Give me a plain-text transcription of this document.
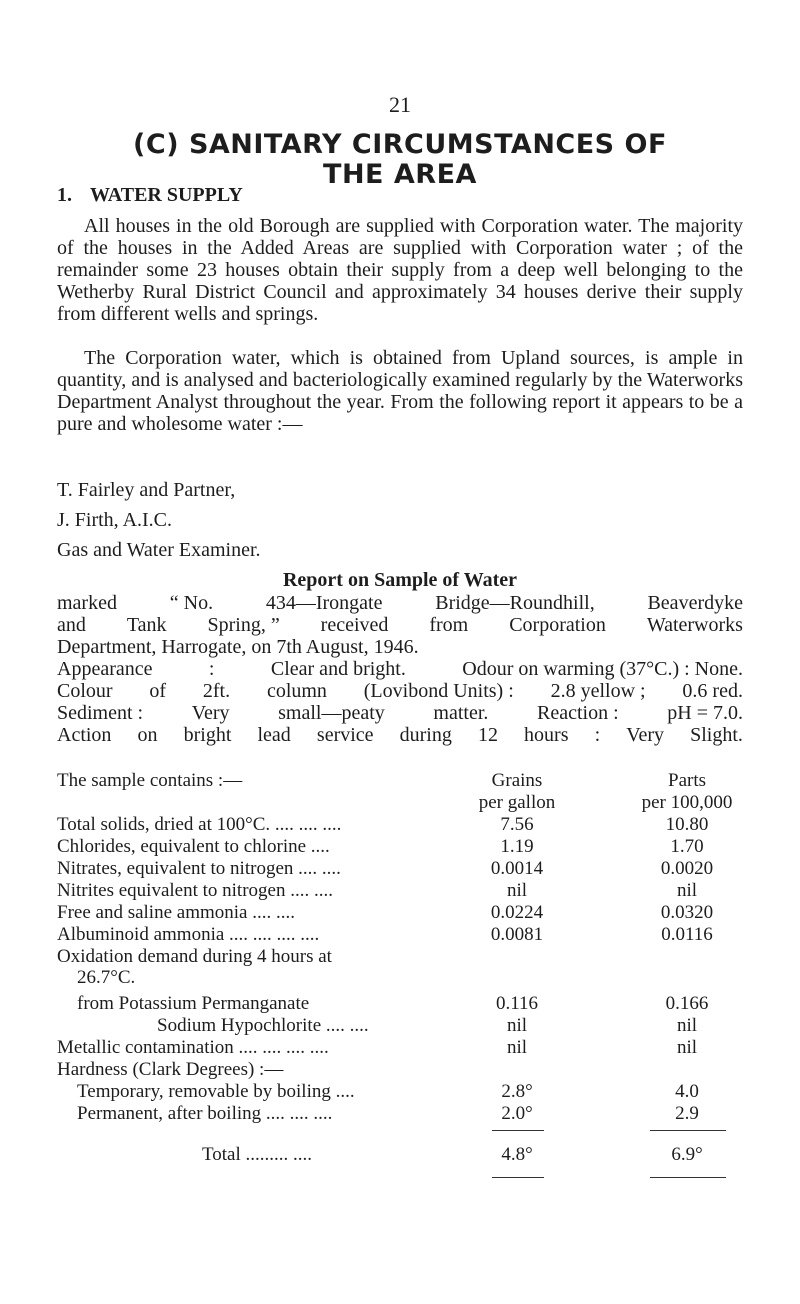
21
(C) SANITARY CIRCUMSTANCES OF THE AREA
1. WATER SUPPLY

All houses in the old Borough are supplied with Corporation water. The majority of the houses in the Added Areas are supplied with Corporation water ; of the remainder some 23 houses obtain their supply from a deep well belonging to the Wetherby Rural District Council and approximately 34 houses derive their supply from different wells and springs.

The Corporation water, which is obtained from Upland sources, is ample in quantity, and is analysed and bacteriologically examined regularly by the Waterworks Department Analyst throughout the year. From the following report it appears to be a pure and wholesome water :—

T. Fairley and Partner,

J. Firth, A.I.C.

Gas and Water Examiner.

Report on Sample of Water
marked	“ No.	434—Irongate	Bridge—Roundhill,	Beaverdyke
and Tank Spring, ” received from Corporation Waterworks

Department, Harrogate, on 7th August, 1946.

Appearance	:	Clear and bright.	Odour on warming (37°C.) : None.
Colour of 2ft. column (Lovibond Units) : 2.8 yellow ; 0.6 red.
Sediment : Very small—peaty matter. Reaction : pH = 7.0.
Action on bright lead service during 12 hours : Very Slight.
The sample contains :—	Grains	Parts
per gallon	per 100,000
Total solids, dried at 100°C. .... .... ....	7.56	10.80
Chlorides, equivalent to chlorine ....	1.19	1.70
Nitrates, equivalent to nitrogen .... ....	0.0014	0.0020
Nitrites equivalent to nitrogen .... ....	nil	nil
Free and saline ammonia .... ....	0.0224	0.0320
Albuminoid ammonia .... .... .... ....	0.0081	0.0116
Oxidation demand during 4 hours at
26.7°C.
from Potassium Permanganate	0.116	0.166
Sodium Hypochlorite .... ....	nil	nil
Metallic contamination .... .... .... ....	nil	nil
Hardness (Clark Degrees) :—
Temporary, removable by boiling ....	2.8°	4.0
Permanent, after boiling .... .... ....	2.0°	2.9
Total ......... ....	4.8°	6.9°
